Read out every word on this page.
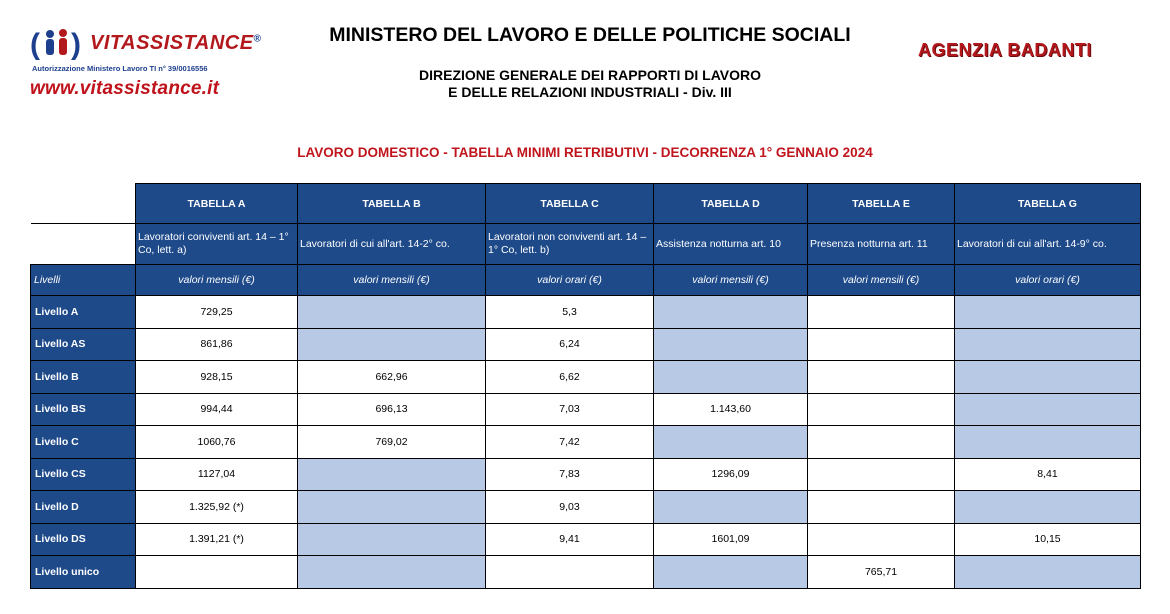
( ) VITASSISTANCE®
Autorizzazione Ministero Lavoro TI n° 39/0016556
www.vitassistance.it
MINISTERO DEL LAVORO E DELLE POLITICHE SOCIALI
DIREZIONE GENERALE DEI RAPPORTI DI LAVORO
E DELLE RELAZIONI INDUSTRIALI - Div. III
AGENZIA BADANTI
LAVORO DOMESTICO - TABELLA MINIMI RETRIBUTIVI - DECORRENZA 1° GENNAIO 2024
	TABELLA A	TABELLA B	TABELLA C	TABELLA D	TABELLA E	TABELLA G
	Lavoratori conviventi art. 14 – 1° Co, lett. a)	Lavoratori di cui all'art. 14-2° co.	Lavoratori non conviventi art. 14 – 1° Co, lett. b)	Assistenza notturna art. 10	Presenza notturna art. 11	Lavoratori di cui all'art. 14-9° co.
Livelli	valori mensili (€)	valori mensili (€)	valori orari (€)	valori mensili (€)	valori mensili (€)	valori orari (€)
Livello A	729,25		5,3			
Livello AS	861,86		6,24			
Livello B	928,15	662,96	6,62			
Livello BS	994,44	696,13	7,03	1.143,60		
Livello C	1060,76	769,02	7,42			
Livello CS	1127,04		7,83	1296,09		8,41
Livello D	1.325,92 (*)		9,03			
Livello DS	1.391,21 (*)		9,41	1601,09		10,15
Livello unico					765,71	
